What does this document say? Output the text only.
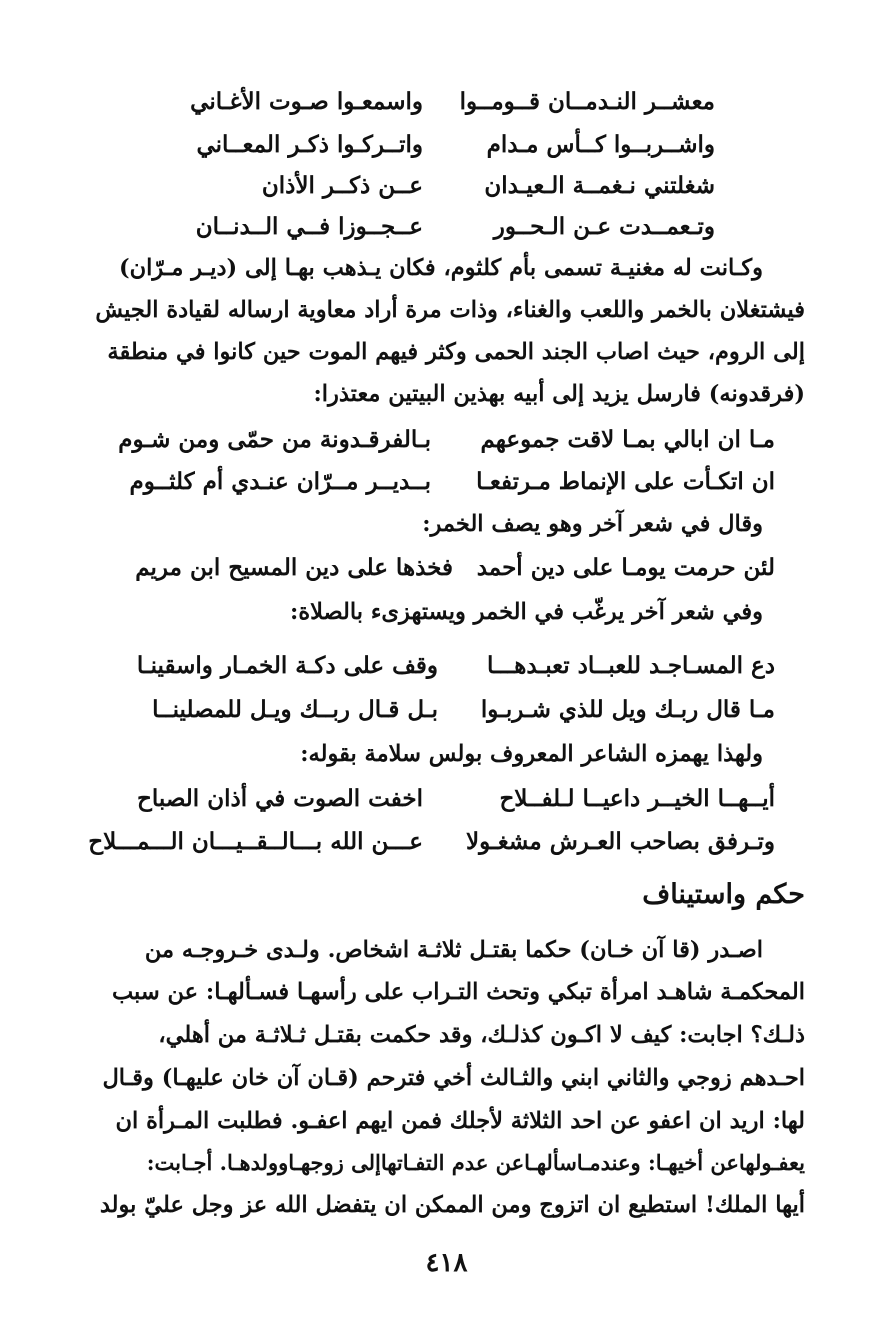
معشــر النـدمــان قــومــوا
واسمعـوا صـوت الأغـاني
واشــربــوا كــأس مـدام
واتــركـوا ذكـر المعــاني
شغلتني نـغمــة الـعيـدان
عــن ذكــر الأذان
وتـعمــدت عـن الـحــور
عــجــوزا فــي الــدنــان
وكـانت له مغنيـة تسمى بأم كلثوم، فكان يـذهب بهـا إلى (ديـر مـرّان)
فيشتغلان بالخمر واللعب والغناء، وذات مرة أراد معاوية ارساله لقيادة الجيش
إلى الروم، حيث اصاب الجند الحمى وكثر فيهم الموت حين كانوا في منطقة
(فرقدونه) فارسل يزيد إلى أبيه بهذين البيتين معتذرا:
مـا ان ابالي بمـا لاقت جموعهم
بـالفرقـدونة من حمّى ومن شـوم
ان اتكـأت على الإنماط مـرتفعـا
بــديــر مــرّان عنـدي أم كلثــوم
وقال في شعر آخر وهو يصف الخمر:
لئن حرمت يومـا على دين أحمد
فخذها على دين المسيح ابن مريم
وفي شعر آخر يرغّب في الخمر ويستهزىء بالصلاة:
دع المسـاجـد للعبــاد تعبـدهـــا
وقف على دكـة الخمـار واسقينـا
مـا قال ربـك ويل للذي شـربـوا
بـل قـال ربــك ويـل للمصلينــا
ولهذا يهمزه الشاعر المعروف بولس سلامة بقوله:
أيــهــا الخيــر داعيــا لـلفــلاح
اخفت الصوت في أذان الصباح
وتـرفق بصاحب العـرش مشغـولا
عـــن الله بـــالــقــيـــان الـــمـــلاح
حكم واستيناف
اصـدر (قا آن خـان) حكما بقتـل ثلاثـة اشخاص. ولـدى خـروجـه من
المحكمـة شاهـد امرأة تبكي وتحث التـراب على رأسهـا فسـألهـا: عن سبب
ذلـك؟ اجابت: كيف لا اكـون كذلـك، وقد حكمت بقتـل ثـلاثـة من أهلي،
احـدهم زوجي والثاني ابني والثـالث أخي فترحم (قـان آن خان عليهـا) وقـال
لها: اريد ان اعفو عن احد الثلاثة لأجلك فمن ايهم اعفـو. فطلبت المـرأة ان
يعفـولهاعن أخيهـا: وعندمـاسألهـاعن عدم التفـاتهاإلى زوجهـاوولدهـا. أجـابت:
أيها الملك! استطيع ان اتزوج ومن الممكن ان يتفضل الله عز وجل عليّ بولد
٤١٨
